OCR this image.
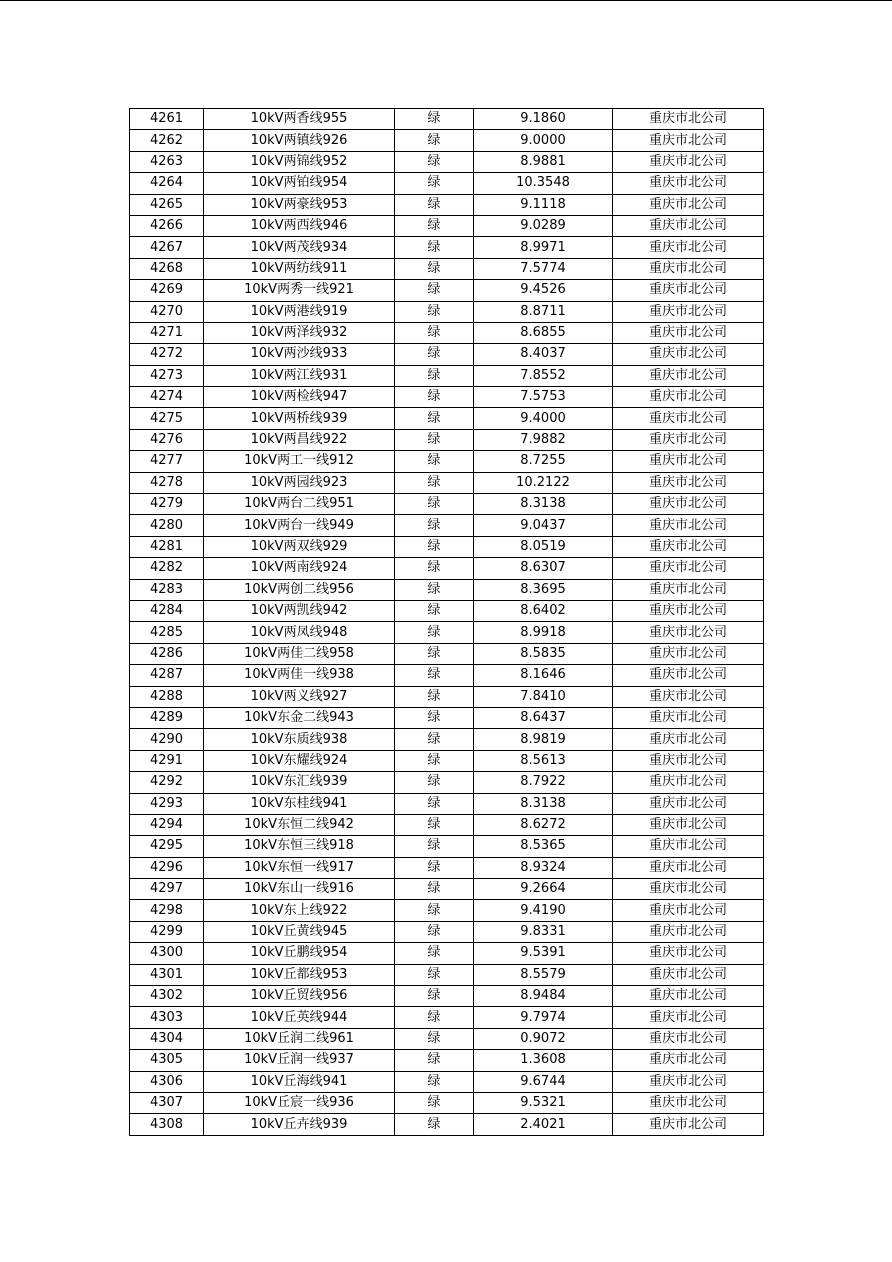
4261	10kV两香线955	绿	9.1860	重庆市北公司
4262	10kV两镇线926	绿	9.0000	重庆市北公司
4263	10kV两锦线952	绿	8.9881	重庆市北公司
4264	10kV两铂线954	绿	10.3548	重庆市北公司
4265	10kV两豪线953	绿	9.1118	重庆市北公司
4266	10kV两西线946	绿	9.0289	重庆市北公司
4267	10kV两茂线934	绿	8.9971	重庆市北公司
4268	10kV两纺线911	绿	7.5774	重庆市北公司
4269	10kV两秀一线921	绿	9.4526	重庆市北公司
4270	10kV两港线919	绿	8.8711	重庆市北公司
4271	10kV两泽线932	绿	8.6855	重庆市北公司
4272	10kV两沙线933	绿	8.4037	重庆市北公司
4273	10kV两江线931	绿	7.8552	重庆市北公司
4274	10kV两检线947	绿	7.5753	重庆市北公司
4275	10kV两桥线939	绿	9.4000	重庆市北公司
4276	10kV两昌线922	绿	7.9882	重庆市北公司
4277	10kV两工一线912	绿	8.7255	重庆市北公司
4278	10kV两园线923	绿	10.2122	重庆市北公司
4279	10kV两台二线951	绿	8.3138	重庆市北公司
4280	10kV两台一线949	绿	9.0437	重庆市北公司
4281	10kV两双线929	绿	8.0519	重庆市北公司
4282	10kV两南线924	绿	8.6307	重庆市北公司
4283	10kV两创二线956	绿	8.3695	重庆市北公司
4284	10kV两凯线942	绿	8.6402	重庆市北公司
4285	10kV两凤线948	绿	8.9918	重庆市北公司
4286	10kV两佳二线958	绿	8.5835	重庆市北公司
4287	10kV两佳一线938	绿	8.1646	重庆市北公司
4288	10kV两义线927	绿	7.8410	重庆市北公司
4289	10kV东金二线943	绿	8.6437	重庆市北公司
4290	10kV东质线938	绿	8.9819	重庆市北公司
4291	10kV东耀线924	绿	8.5613	重庆市北公司
4292	10kV东汇线939	绿	8.7922	重庆市北公司
4293	10kV东桂线941	绿	8.3138	重庆市北公司
4294	10kV东恒二线942	绿	8.6272	重庆市北公司
4295	10kV东恒三线918	绿	8.5365	重庆市北公司
4296	10kV东恒一线917	绿	8.9324	重庆市北公司
4297	10kV东山一线916	绿	9.2664	重庆市北公司
4298	10kV东上线922	绿	9.4190	重庆市北公司
4299	10kV丘黄线945	绿	9.8331	重庆市北公司
4300	10kV丘鹏线954	绿	9.5391	重庆市北公司
4301	10kV丘都线953	绿	8.5579	重庆市北公司
4302	10kV丘贸线956	绿	8.9484	重庆市北公司
4303	10kV丘英线944	绿	9.7974	重庆市北公司
4304	10kV丘润二线961	绿	0.9072	重庆市北公司
4305	10kV丘润一线937	绿	1.3608	重庆市北公司
4306	10kV丘海线941	绿	9.6744	重庆市北公司
4307	10kV丘宸一线936	绿	9.5321	重庆市北公司
4308	10kV丘卉线939	绿	2.4021	重庆市北公司
